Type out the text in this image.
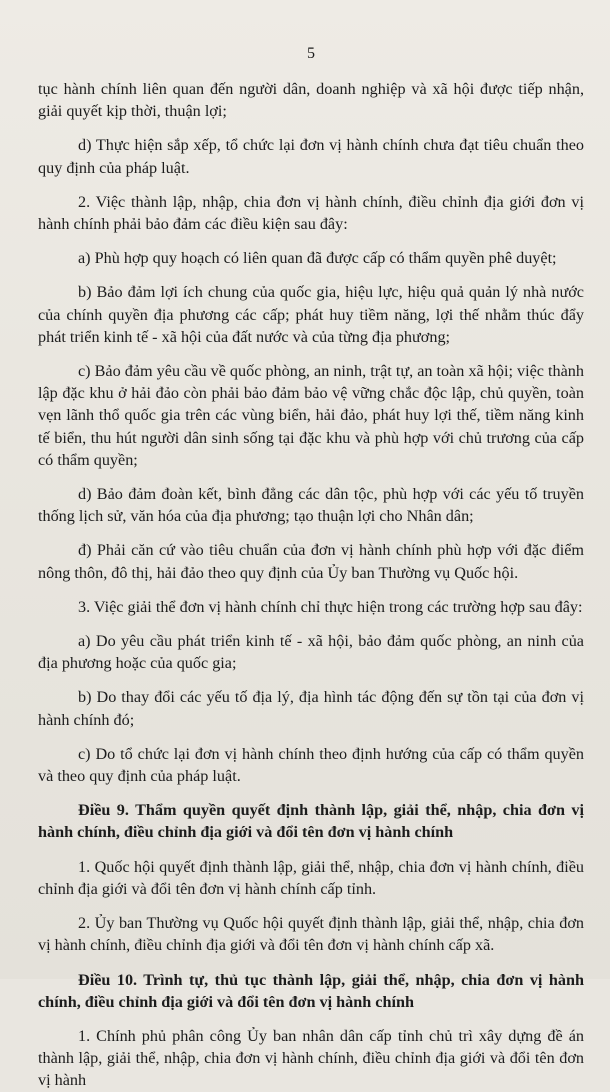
5

tục hành chính liên quan đến người dân, doanh nghiệp và xã hội được tiếp nhận, giải quyết kịp thời, thuận lợi;

d) Thực hiện sắp xếp, tổ chức lại đơn vị hành chính chưa đạt tiêu chuẩn theo quy định của pháp luật.

2. Việc thành lập, nhập, chia đơn vị hành chính, điều chỉnh địa giới đơn vị hành chính phải bảo đảm các điều kiện sau đây:

a) Phù hợp quy hoạch có liên quan đã được cấp có thẩm quyền phê duyệt;

b) Bảo đảm lợi ích chung của quốc gia, hiệu lực, hiệu quả quản lý nhà nước của chính quyền địa phương các cấp; phát huy tiềm năng, lợi thế nhằm thúc đẩy phát triển kinh tế - xã hội của đất nước và của từng địa phương;

c) Bảo đảm yêu cầu về quốc phòng, an ninh, trật tự, an toàn xã hội; việc thành lập đặc khu ở hải đảo còn phải bảo đảm bảo vệ vững chắc độc lập, chủ quyền, toàn vẹn lãnh thổ quốc gia trên các vùng biển, hải đảo, phát huy lợi thế, tiềm năng kinh tế biển, thu hút người dân sinh sống tại đặc khu và phù hợp với chủ trương của cấp có thẩm quyền;

d) Bảo đảm đoàn kết, bình đẳng các dân tộc, phù hợp với các yếu tố truyền thống lịch sử, văn hóa của địa phương; tạo thuận lợi cho Nhân dân;

đ) Phải căn cứ vào tiêu chuẩn của đơn vị hành chính phù hợp với đặc điểm nông thôn, đô thị, hải đảo theo quy định của Ủy ban Thường vụ Quốc hội.

3. Việc giải thể đơn vị hành chính chỉ thực hiện trong các trường hợp sau đây:

a) Do yêu cầu phát triển kinh tế - xã hội, bảo đảm quốc phòng, an ninh của địa phương hoặc của quốc gia;

b) Do thay đổi các yếu tố địa lý, địa hình tác động đến sự tồn tại của đơn vị hành chính đó;

c) Do tổ chức lại đơn vị hành chính theo định hướng của cấp có thẩm quyền và theo quy định của pháp luật.

Điều 9. Thẩm quyền quyết định thành lập, giải thể, nhập, chia đơn vị hành chính, điều chỉnh địa giới và đổi tên đơn vị hành chính

1. Quốc hội quyết định thành lập, giải thể, nhập, chia đơn vị hành chính, điều chỉnh địa giới và đổi tên đơn vị hành chính cấp tỉnh.

2. Ủy ban Thường vụ Quốc hội quyết định thành lập, giải thể, nhập, chia đơn vị hành chính, điều chỉnh địa giới và đổi tên đơn vị hành chính cấp xã.

Điều 10. Trình tự, thủ tục thành lập, giải thể, nhập, chia đơn vị hành chính, điều chỉnh địa giới và đổi tên đơn vị hành chính

1. Chính phủ phân công Ủy ban nhân dân cấp tỉnh chủ trì xây dựng đề án thành lập, giải thể, nhập, chia đơn vị hành chính, điều chỉnh địa giới và đổi tên đơn vị hành
